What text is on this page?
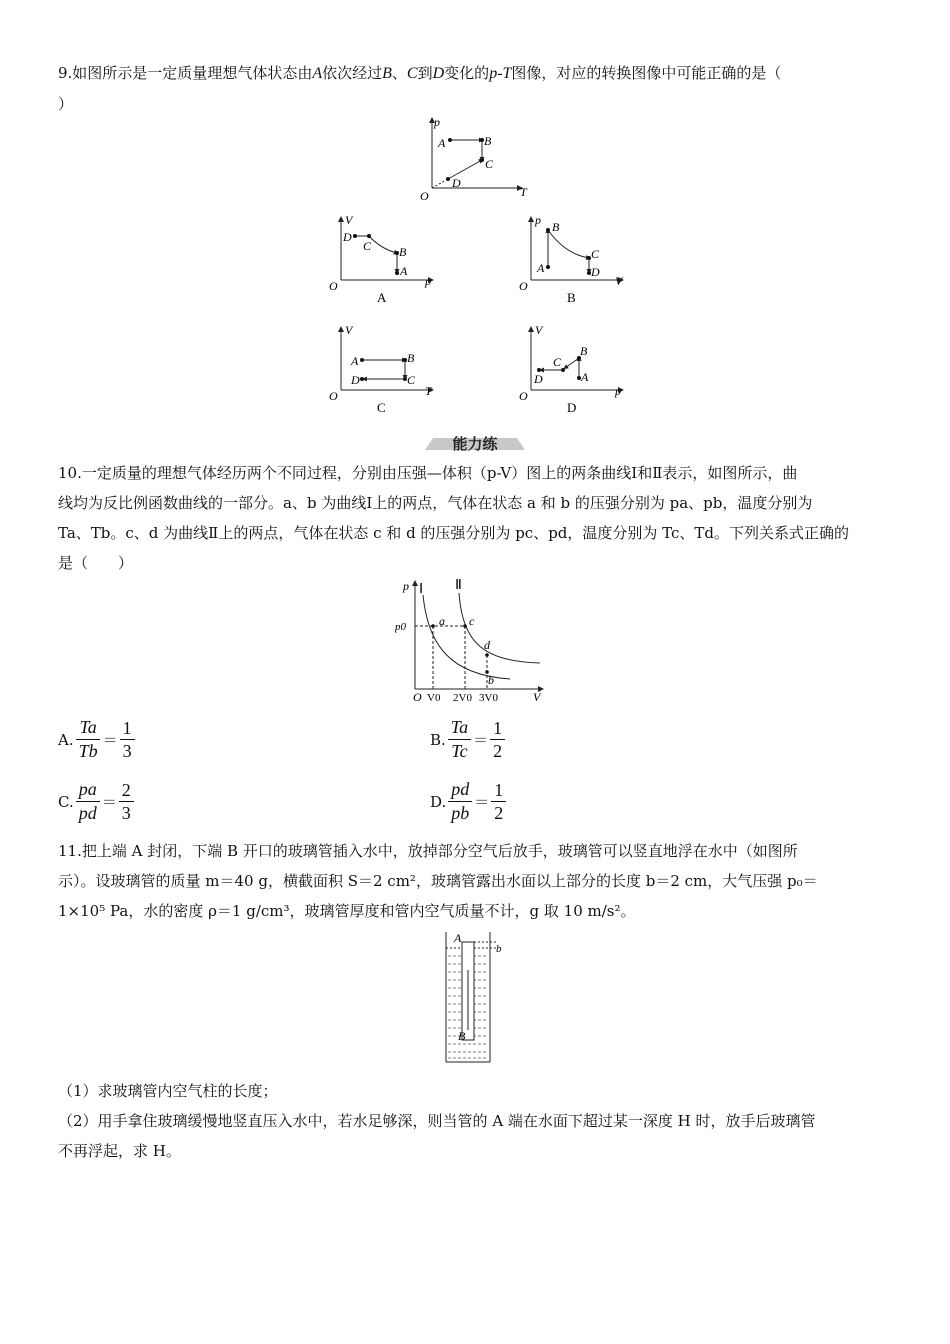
9.如图所示是一定质量理想气体状态由A依次经过B、C到D变化的p-T图像，对应的转换图像中可能正确的是（
）
p
T
O
A	B
C
D
V
p
O
D
C B
A
A
p
V
O
B
A
C
D
B
V
T
O
A	B
D	C
C
V
p
O
C
B
D	A
D
能力练
10.一定质量的理想气体经历两个不同过程，分别由压强—体积（p-V）图上的两条曲线Ⅰ和Ⅱ表示，如图所示，曲
线均为反比例函数曲线的一部分。a、b 为曲线Ⅰ上的两点，气体在状态 a 和 b 的压强分别为 pa、pb，温度分别为
Ta、Tb。c、d 为曲线Ⅱ上的两点，气体在状态 c 和 d 的压强分别为 pc、pd，温度分别为 Tc、Td。下列关系式正确的
是（　　）
p
V
O
p0
Ⅰ Ⅱ
a c
d
b
V0 2V0 3V0
A. $\frac{Ta}{Tb} = \frac{1}{3}$	B. $\frac{Ta}{Tc} = \frac{1}{2}$
C. $\frac{pa}{pd} = \frac{2}{3}$	D. $\frac{pd}{pb} = \frac{1}{2}$
11.把上端 A 封闭，下端 B 开口的玻璃管插入水中，放掉部分空气后放手，玻璃管可以竖直地浮在水中（如图所
示）。设玻璃管的质量 m＝40 g，横截面积 S＝2 cm²，玻璃管露出水面以上部分的长度 b＝2 cm，大气压强 p₀＝
1×10⁵ Pa，水的密度 ρ＝1 g/cm³，玻璃管厚度和管内空气质量不计，g 取 10 m/s²。
A
B
b
（1）求玻璃管内空气柱的长度；
（2）用手拿住玻璃缓慢地竖直压入水中，若水足够深，则当管的 A 端在水面下超过某一深度 H 时，放手后玻璃管
不再浮起，求 H。
